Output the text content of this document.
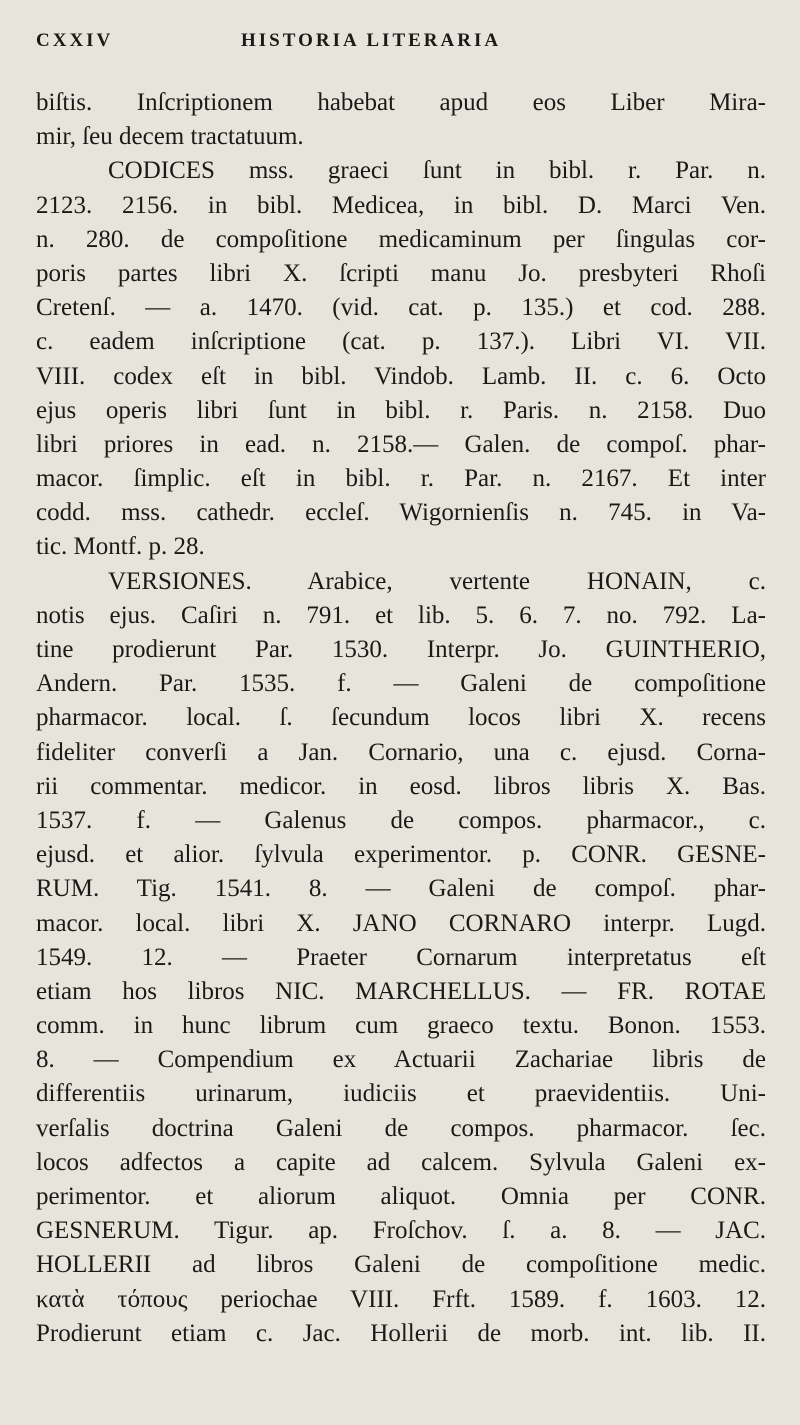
CXXIV	HISTORIA LITERARIA
biſtis. Inſcriptionem habebat apud eos Liber Mira-
mir, ſeu decem tractatuum.
CODICES mss. graeci ſunt in bibl. r. Par. n.
2123. 2156. in bibl. Medicea, in bibl. D. Marci Ven.
n. 280. de compoſitione medicaminum per ſingulas cor-
poris partes libri X. ſcripti manu Jo. presbyteri Rhoſi
Cretenſ. — a. 1470. (vid. cat. p. 135.) et cod. 288.
c. eadem inſcriptione (cat. p. 137.). Libri VI. VII.
VIII. codex eſt in bibl. Vindob. Lamb. II. c. 6. Octo
ejus operis libri ſunt in bibl. r. Paris. n. 2158. Duo
libri priores in ead. n. 2158.— Galen. de compoſ. phar-
macor. ſimplic. eſt in bibl. r. Par. n. 2167. Et inter
codd. mss. cathedr. eccleſ. Wigornienſis n. 745. in Va-
tic. Montf. p. 28.
VERSIONES. Arabice, vertente HONAIN, c.
notis ejus. Caſiri n. 791. et lib. 5. 6. 7. no. 792. La-
tine prodierunt Par. 1530. Interpr. Jo. GUINTHERIO,
Andern. Par. 1535. f. — Galeni de compoſitione
pharmacor. local. ſ. ſecundum locos libri X. recens
fideliter converſi a Jan. Cornario, una c. ejusd. Corna-
rii commentar. medicor. in eosd. libros libris X. Bas.
1537. f. — Galenus de compos. pharmacor., c.
ejusd. et alior. ſylvula experimentor. p. CONR. GESNE-
RUM. Tig. 1541. 8. — Galeni de compoſ. phar-
macor. local. libri X. JANO CORNARO interpr. Lugd.
1549. 12. — Praeter Cornarum interpretatus eſt
etiam hos libros NIC. MARCHELLUS. — FR. ROTAE
comm. in hunc librum cum graeco textu. Bonon. 1553.
8. — Compendium ex Actuarii Zachariae libris de
differentiis urinarum, iudiciis et praevidentiis. Uni-
verſalis doctrina Galeni de compos. pharmacor. ſec.
locos adfectos a capite ad calcem. Sylvula Galeni ex-
perimentor. et aliorum aliquot. Omnia per CONR.
GESNERUM. Tigur. ap. Froſchov. ſ. a. 8. — JAC.
HOLLERII ad libros Galeni de compoſitione medic.
κατὰ τόπους periochae VIII. Frft. 1589. f. 1603. 12.
Prodierunt etiam c. Jac. Hollerii de morb. int. lib. II.
